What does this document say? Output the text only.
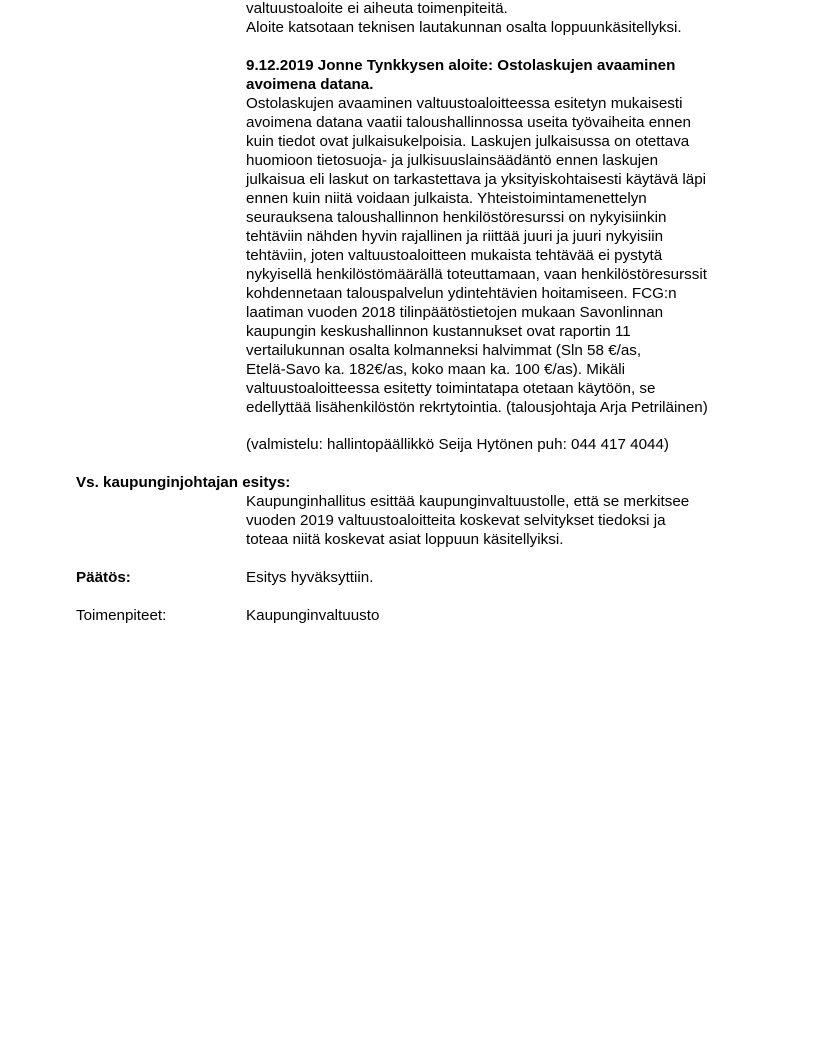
valtuustoaloite ei aiheuta toimenpiteitä.
Aloite katsotaan teknisen lautakunnan osalta loppuunkäsitellyksi.
9.12.2019 Jonne Tynkkysen aloite: Ostolaskujen avaaminen
avoimena datana.
Ostolaskujen avaaminen valtuustoaloitteessa esitetyn mukaisesti
avoimena datana vaatii taloushallinnossa useita työvaiheita ennen
kuin tiedot ovat julkaisukelpoisia. Laskujen julkaisussa on otettava
huomioon tietosuoja- ja julkisuuslainsäädäntö ennen laskujen
julkaisua eli laskut on tarkastettava ja yksityiskohtaisesti käytävä läpi
ennen kuin niitä voidaan julkaista. Yhteistoimintamenettelyn
seurauksena taloushallinnon henkilöstöresurssi on nykyisiinkin
tehtäviin nähden hyvin rajallinen ja riittää juuri ja juuri nykyisiin
tehtäviin, joten valtuustoaloitteen mukaista tehtävää ei pystytä
nykyisellä henkilöstömäärällä toteuttamaan, vaan henkilöstöresurssit
kohdennetaan talouspalvelun ydintehtävien hoitamiseen. FCG:n
laatiman vuoden 2018 tilinpäätöstietojen mukaan Savonlinnan
kaupungin keskushallinnon kustannukset ovat raportin 11
vertailukunnan osalta kolmanneksi halvimmat (Sln 58 €/as,
Etelä-Savo ka. 182€/as, koko maan ka. 100 €/as). Mikäli
valtuustoaloitteessa esitetty toimintatapa otetaan käytöön, se
edellyttää lisähenkilöstön rekrtytointia. (talousjohtaja Arja Petriläinen)
(valmistelu: hallintopäällikkö Seija Hytönen puh: 044 417 4044)
Vs. kaupunginjohtajan esitys:
Kaupunginhallitus esittää kaupunginvaltuustolle, että se merkitsee
vuoden 2019 valtuustoaloitteita koskevat selvitykset tiedoksi ja
toteaa niitä koskevat asiat loppuun käsitellyiksi.
Päätös:	Esitys hyväksyttiin.
Toimenpiteet:	Kaupunginvaltuusto
